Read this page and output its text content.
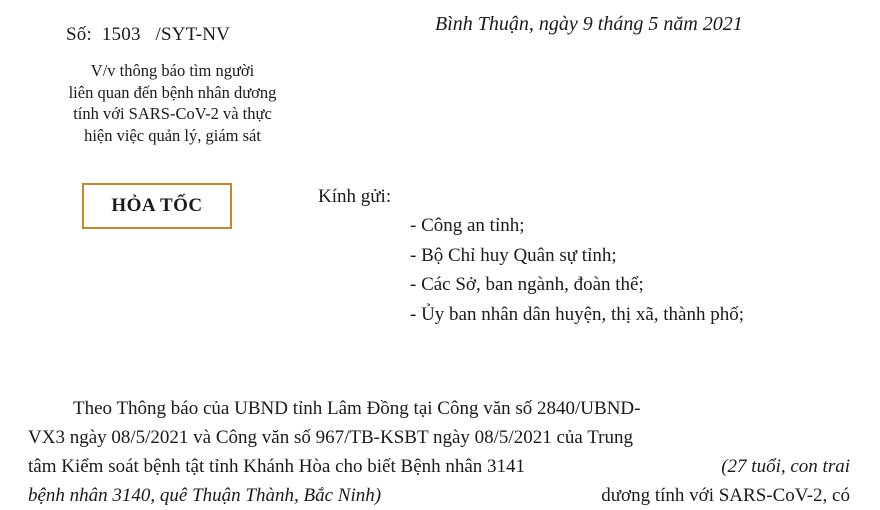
Số:  1503   /SYT-NV	Bình Thuận, ngày 9 tháng 5 năm 2021
V/v thông báo tìm người
liên quan đến bệnh nhân dương
tính với SARS-CoV-2 và thực
hiện việc quản lý, giám sát
HỎA TỐC	Kính gửi:
- Công an tỉnh;
- Bộ Chỉ huy Quân sự tỉnh;
- Các Sở, ban ngành, đoàn thể;
- Ủy ban nhân dân huyện, thị xã, thành phố;
Theo Thông báo của UBND tỉnh Lâm Đồng tại Công văn số 2840/UBND-
VX3 ngày 08/5/2021 và Công văn số 967/TB-KSBT ngày 08/5/2021 của Trung
tâm Kiểm soát bệnh tật tỉnh Khánh Hòa cho biết Bệnh nhân 3141	(27 tuổi, con trai
bệnh nhân 3140, quê Thuận Thành, Bắc Ninh)	dương tính với SARS-CoV-2, có
